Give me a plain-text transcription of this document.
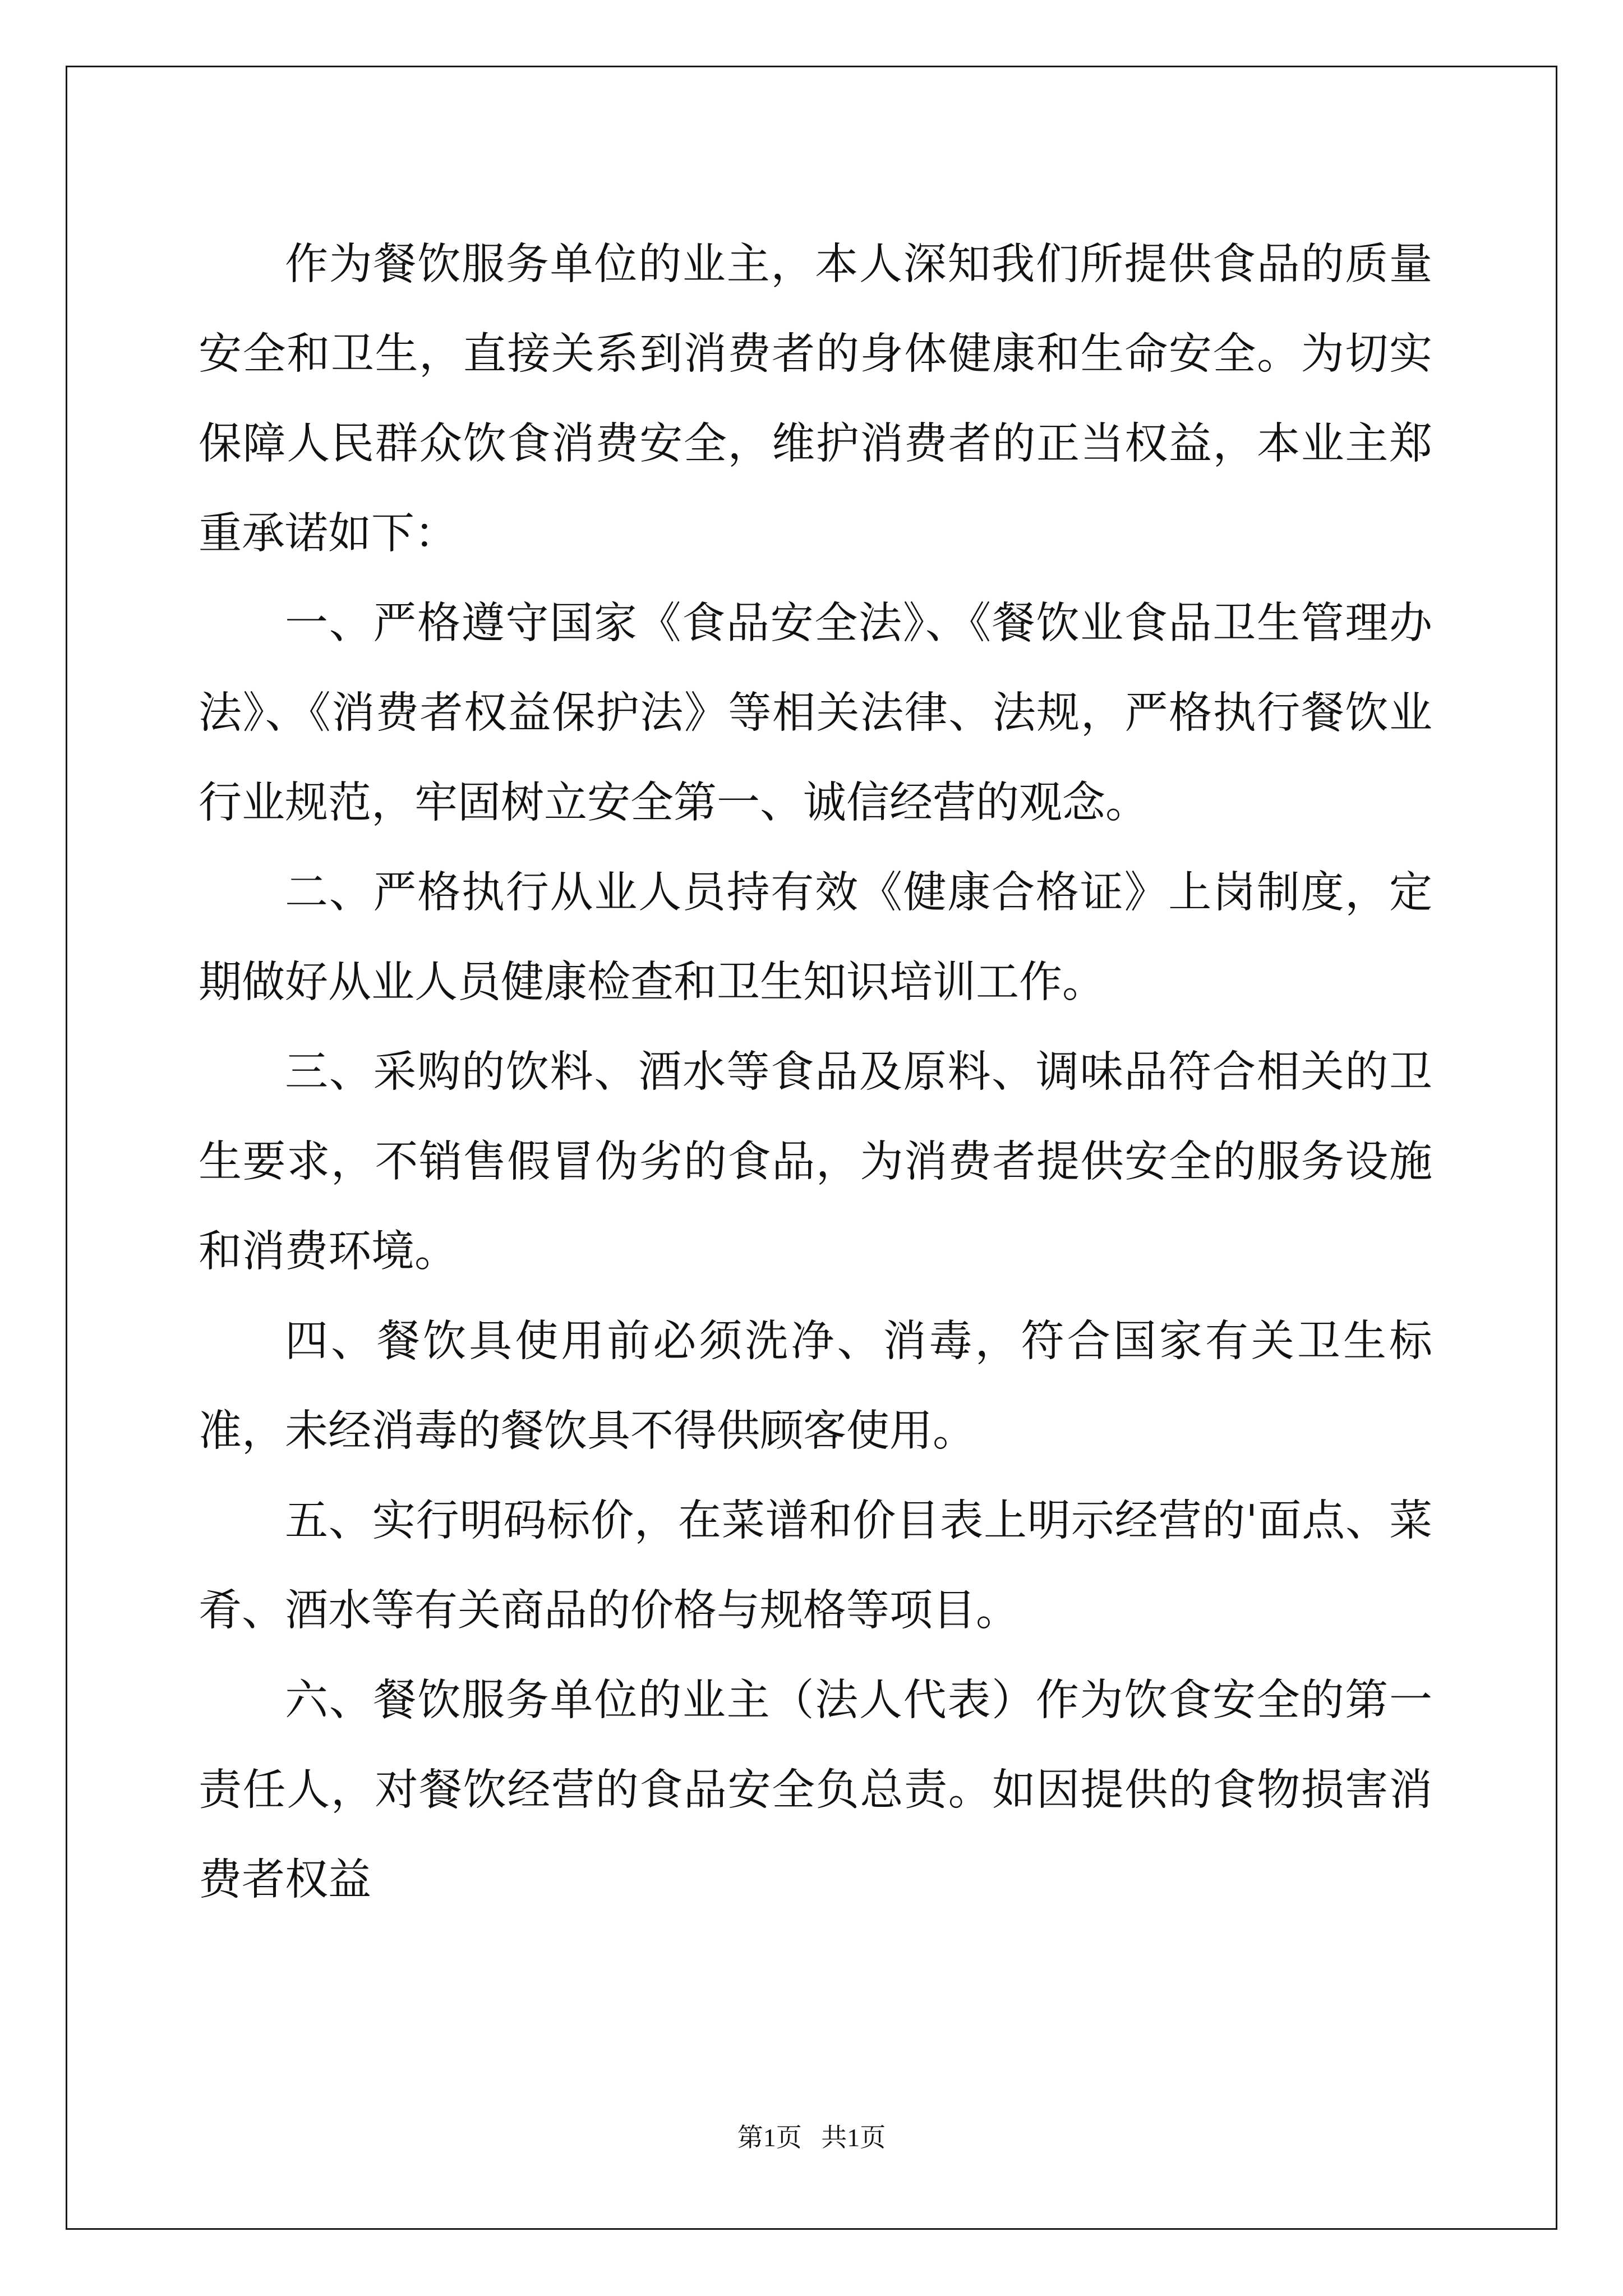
作为餐饮服务单位的业主，本人深知我们所提供食品的质量安全和卫生，直接关系到消费者的身体健康和生命安全。为切实保障人民群众饮食消费安全，维护消费者的正当权益，本业主郑重承诺如下：

一、严格遵守国家《食品安全法》、《餐饮业食品卫生管理办法》、《消费者权益保护法》等相关法律、法规，严格执行餐饮业行业规范，牢固树立安全第一、诚信经营的观念。

二、严格执行从业人员持有效《健康合格证》上岗制度，定期做好从业人员健康检查和卫生知识培训工作。

三、采购的饮料、酒水等食品及原料、调味品符合相关的卫生要求，不销售假冒伪劣的食品，为消费者提供安全的服务设施和消费环境。

四、餐饮具使用前必须洗净、消毒，符合国家有关卫生标准，未经消毒的餐饮具不得供顾客使用。

五、实行明码标价，在菜谱和价目表上明示经营的'面点、菜肴、酒水等有关商品的价格与规格等项目。

六、餐饮服务单位的业主（法人代表）作为饮食安全的第一责任人，对餐饮经营的食品安全负总责。如因提供的食物损害消费者权益

第1页   共1页
